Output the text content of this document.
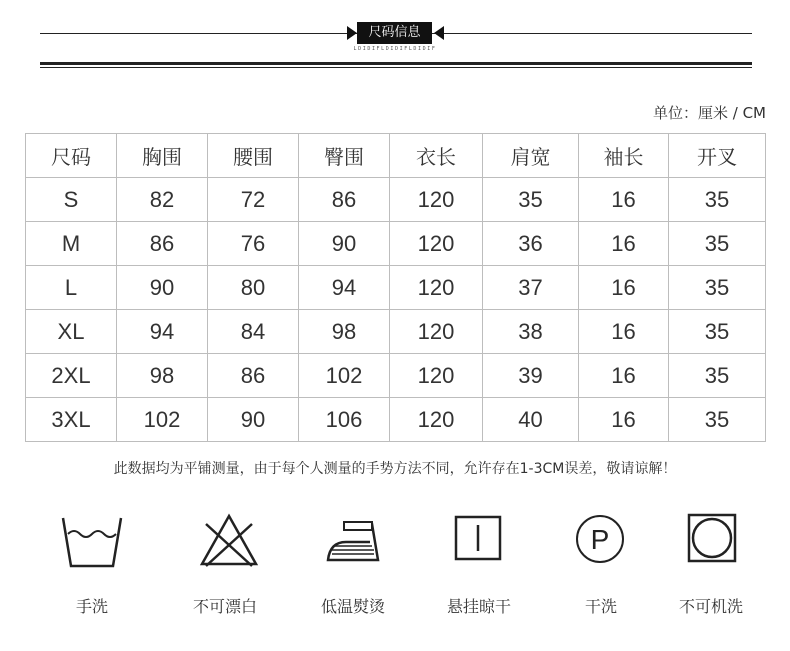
尺码信息
LDIDIFLDIDIFLDIDIF
单位：厘米 / CM
尺码	胸围	腰围	臀围	衣长	肩宽	袖长	开叉
S	82	72	86	120	35	16	35
M	86	76	90	120	36	16	35
L	90	80	94	120	37	16	35
XL	94	84	98	120	38	16	35
2XL	98	86	102	120	39	16	35
3XL	102	90	106	120	40	16	35
此数据均为平铺测量，由于每个人测量的手势方法不同，允许存在1-3CM误差，敬请谅解！
P
手洗	不可漂白	低温熨烫	悬挂晾干	干洗	不可机洗
